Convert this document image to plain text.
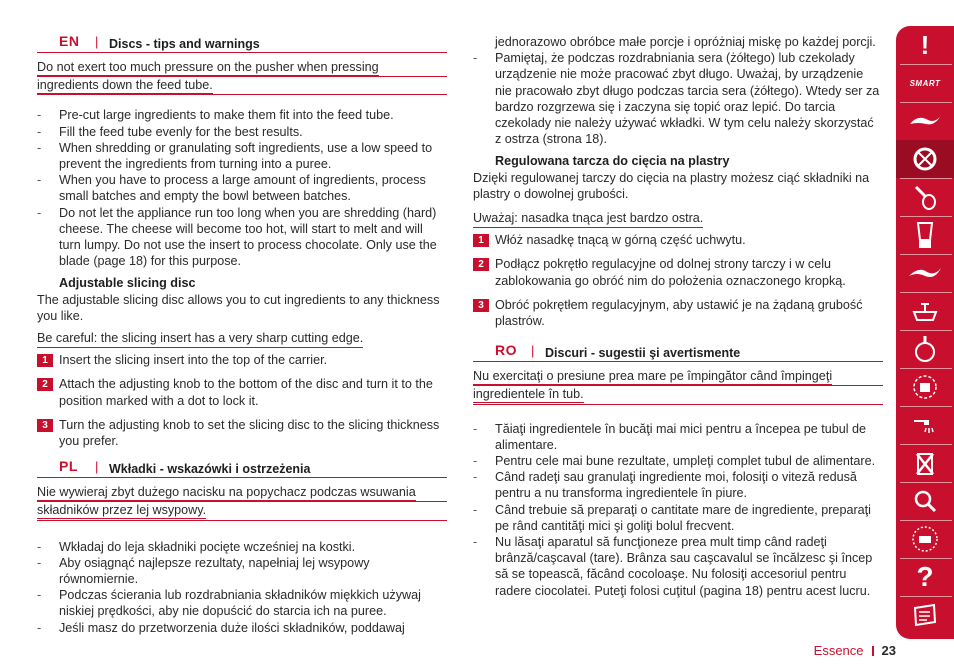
EN | Discs - tips and warnings
Do not exert too much pressure on the pusher when pressing
ingredients down the feed tube.
- Pre-cut large ingredients to make them fit into the feed tube.
- Fill the feed tube evenly for the best results.
- When shredding or granulating soft ingredients, use a low speed to prevent the ingredients from turning into a puree.
- When you have to process a large amount of ingredients, process small batches and empty the bowl between batches.
- Do not let the appliance run too long when you are shredding (hard) cheese. The cheese will become too hot, will start to melt and will turn lumpy. Do not use the insert to process chocolate. Only use the blade (page 18) for this purpose.
Adjustable slicing disc
The adjustable slicing disc allows you to cut ingredients to any thickness you like.
Be careful: the slicing insert has a very sharp cutting edge.
1 Insert the slicing insert into the top of the carrier.
2 Attach the adjusting knob to the bottom of the disc and turn it to the position marked with a dot to lock it.
3 Turn the adjusting knob to set the slicing disc to the slicing thickness you prefer.
PL | Wkładki - wskazówki i ostrzeżenia
Nie wywieraj zbyt dużego nacisku na popychacz podczas wsuwania
składników przez lej wsypowy.
- Wkładaj do leja składniki pocięte wcześniej na kostki.
- Aby osiągnąć najlepsze rezultaty, napełniaj lej wsypowy równomiernie.
- Podczas ścierania lub rozdrabniania składników miękkich używaj niskiej prędkości, aby nie dopuścić do starcia ich na puree.
- Jeśli masz do przetworzenia duże ilości składników, poddawaj
jednorazowo obróbce małe porcje i opróżniaj miskę po każdej porcji.
- Pamiętaj, że podczas rozdrabniania sera (żółtego) lub czekolady urządzenie nie może pracować zbyt długo. Uważaj, by urządzenie nie pracowało zbyt długo podczas tarcia sera (żółtego). Wtedy ser za bardzo rozgrzewa się i zaczyna się topić oraz lepić. Do tarcia czekolady nie należy używać wkładki. W tym celu należy skorzystać z ostrza (strona 18).
Regulowana tarcza do cięcia na plastry
Dzięki regulowanej tarczy do cięcia na plastry możesz ciąć składniki na plastry o dowolnej grubości.
Uważaj: nasadka tnąca jest bardzo ostra.
1 Włóż nasadkę tnącą w górną część uchwytu.
2 Podłącz pokrętło regulacyjne od dolnej strony tarczy i w celu zablokowania go obróć nim do położenia oznaczonego kropką.
3 Obróć pokrętłem regulacyjnym, aby ustawić je na żądaną grubość plastrów.
RO | Discuri - sugestii şi avertismente
Nu exercitaţi o presiune prea mare pe împingător când împingeţi
ingredientele în tub.
- Tăiaţi ingredientele în bucăţi mai mici pentru a începea pe tubul de alimentare.
- Pentru cele mai bune rezultate, umpleţi complet tubul de alimentare.
- Când radeţi sau granulaţi ingrediente moi, folosiţi o viteză redusă pentru a nu transforma ingredientele în piure.
- Când trebuie să preparaţi o cantitate mare de ingrediente, preparaţi pe rând cantităţi mici şi goliţi bolul frecvent.
- Nu lăsaţi aparatul să funcţioneze prea mult timp când radeţi brânză/caşcaval (tare). Brânza sau caşcavalul se încălzesc şi încep să se topească, făcând cocoloaşe. Nu folosiţi accesoriul pentru radere ciocolatei. Puteţi folosi cuţitul (pagina 18) pentru acest lucru.
!
SMART
?
Essence 23
